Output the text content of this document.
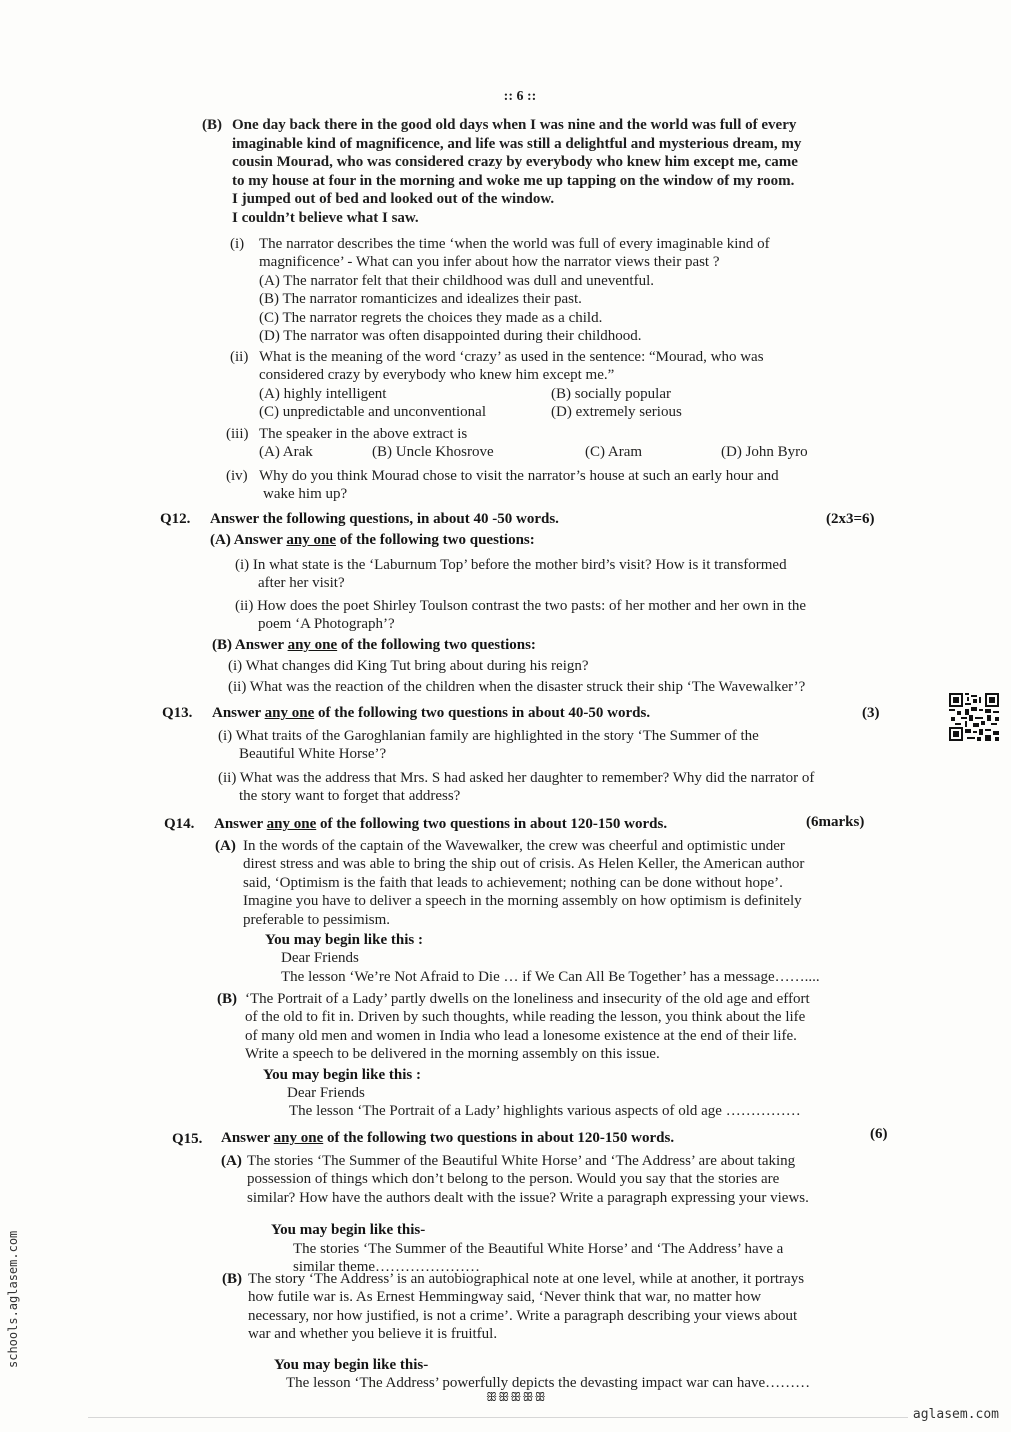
:: 6 ::
(B) One day back there in the good old days when I was nine and the world was full of every
imaginable kind of magnificence, and life was still a delightful and mysterious dream, my
cousin Mourad, who was considered crazy by everybody who knew him except me, came
to my house at four in the morning and woke me up tapping on the window of my room.
I jumped out of bed and looked out of the window.
I couldn’t believe what I saw.
(i) The narrator describes the time ‘when the world was full of every imaginable kind of
magnificence’ - What can you infer about how the narrator views their past ?
(A) The narrator felt that their childhood was dull and uneventful.
(B) The narrator romanticizes and idealizes their past.
(C) The narrator regrets the choices they made as a child.
(D) The narrator was often disappointed during their childhood.
(ii) What is the meaning of the word ‘crazy’ as used in the sentence: “Mourad, who was
considered crazy by everybody who knew him except me.”
(A) highly intelligent	(B) socially popular
(C) unpredictable and unconventional	(D) extremely serious
(iii) The speaker in the above extract is
(A) Arak	(B) Uncle Khosrove	(C) Aram	(D) John Byro
(iv) Why do you think Mourad chose to visit the narrator’s house at such an early hour and
wake him up?
Q12. Answer the following questions, in about 40 -50 words.	(2x3=6)
(A) Answer any one of the following two questions:
(i) In what state is the ‘Laburnum Top’ before the mother bird’s visit? How is it transformed
after her visit?
(ii) How does the poet Shirley Toulson contrast the two pasts: of her mother and her own in the
poem ‘A Photograph’?
(B) Answer any one of the following two questions:
(i) What changes did King Tut bring about during his reign?
(ii) What was the reaction of the children when the disaster struck their ship ‘The Wavewalker’?
Q13. Answer any one of the following two questions in about 40-50 words.	(3)
(i) What traits of the Garoghlanian family are highlighted in the story ‘The Summer of the
Beautiful White Horse’?
(ii) What was the address that Mrs. S had asked her daughter to remember? Why did the narrator of
the story want to forget that address?
Q14. Answer any one of the following two questions in about 120-150 words.	(6marks)
(A) In the words of the captain of the Wavewalker, the crew was cheerful and optimistic under
direst stress and was able to bring the ship out of crisis. As Helen Keller, the American author
said, ‘Optimism is the faith that leads to achievement; nothing can be done without hope’.
Imagine you have to deliver a speech in the morning assembly on how optimism is definitely
preferable to pessimism.
You may begin like this :
Dear Friends
The lesson ‘We’re Not Afraid to Die … if We Can All Be Together’ has a message……....
(B) ‘The Portrait of a Lady’ partly dwells on the loneliness and insecurity of the old age and effort
of the old to fit in. Driven by such thoughts, while reading the lesson, you think about the life
of many old men and women in India who lead a lonesome existence at the end of their life.
Write a speech to be delivered in the morning assembly on this issue.
You may begin like this :
Dear Friends
The lesson ‘The Portrait of a Lady’ highlights various aspects of old age ……………
Q15. Answer any one of the following two questions in about 120-150 words.	(6)
(A) The stories ‘The Summer of the Beautiful White Horse’ and ‘The Address’ are about taking
possession of things which don’t belong to the person. Would you say that the stories are
similar? How have the authors dealt with the issue? Write a paragraph expressing your views.
You may begin like this-
The stories ‘The Summer of the Beautiful White Horse’ and ‘The Address’ have a
similar theme…………………
(B) The story ‘The Address’ is an autobiographical note at one level, while at another, it portrays
how futile war is. As Ernest Hemmingway said, ‘Never think that war, no matter how
necessary, nor how justified, is not a crime’. Write a paragraph describing your views about
war and whether you believe it is fruitful.
You may begin like this-
The lesson ‘The Address’ powerfully depicts the devasting impact war can have………
ꕥꕥꕥꕥꕥ
schools.aglasem.com
aglasem.com
